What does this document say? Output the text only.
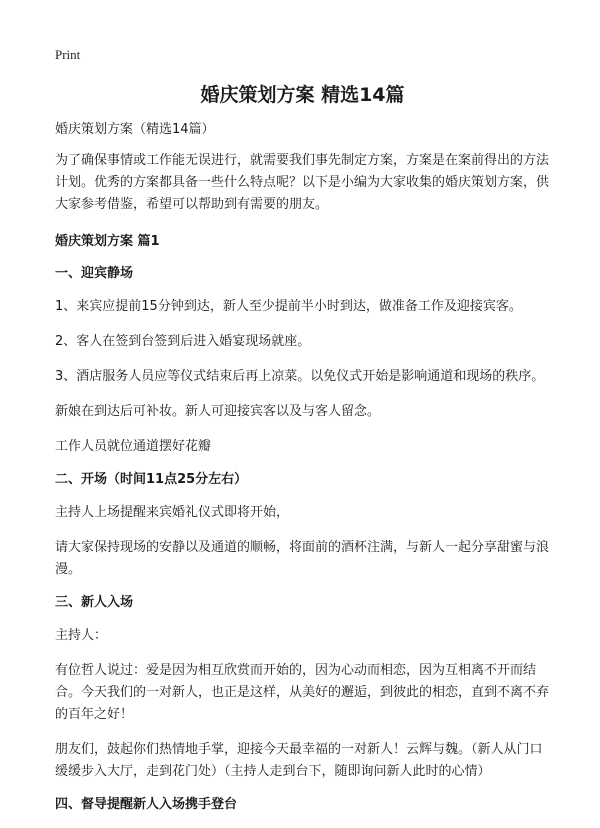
Print
婚庆策划方案 精选14篇
婚庆策划方案（精选14篇）

为了确保事情或工作能无误进行，就需要我们事先制定方案，方案是在案前得出的方法计划。优秀的方案都具备一些什么特点呢？以下是小编为大家收集的婚庆策划方案，供大家参考借鉴，希望可以帮助到有需要的朋友。

婚庆策划方案 篇1
一、迎宾静场

1、来宾应提前15分钟到达，新人至少提前半小时到达，做准备工作及迎接宾客。

2、客人在签到台签到后进入婚宴现场就座。

3、酒店服务人员应等仪式结束后再上凉菜。以免仪式开始是影响通道和现场的秩序。

新娘在到达后可补妆。新人可迎接宾客以及与客人留念。

工作人员就位通道摆好花瓣

二、开场（时间11点25分左右）

主持人上场提醒来宾婚礼仪式即将开始，

请大家保持现场的安静以及通道的顺畅，将面前的酒杯注满，与新人一起分享甜蜜与浪漫。

三、新人入场

主持人：

有位哲人说过：爱是因为相互欣赏而开始的，因为心动而相恋，因为互相离不开而结合。今天我们的一对新人，也正是这样，从美好的邂逅，到彼此的相恋，直到不离不弃的百年之好！

朋友们，鼓起你们热情地手掌，迎接今天最幸福的一对新人！云辉与魏。（新人从门口缓缓步入大厅，走到花门处）（主持人走到台下，随即询问新人此时的心情）

四、督导提醒新人入场携手登台
